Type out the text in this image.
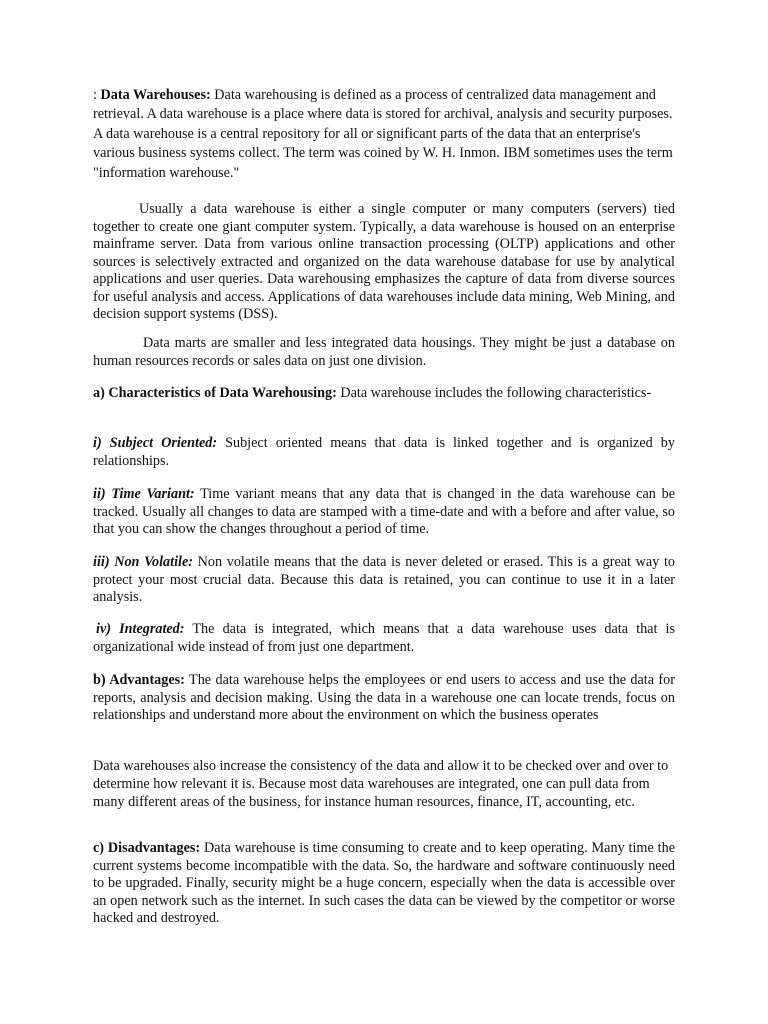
: Data Warehouses: Data warehousing is defined as a process of centralized data management and retrieval. A data warehouse is a place where data is stored for archival, analysis and security purposes. A data warehouse is a central repository for all or significant parts of the data that an enterprise's various business systems collect. The term was coined by W. H. Inmon. IBM sometimes uses the term "information warehouse."

Usually a data warehouse is either a single computer or many computers (servers) tied together to create one giant computer system. Typically, a data warehouse is housed on an enterprise mainframe server. Data from various online transaction processing (OLTP) applications and other sources is selectively extracted and organized on the data warehouse database for use by analytical applications and user queries. Data warehousing emphasizes the capture of data from diverse sources for useful analysis and access. Applications of data warehouses include data mining, Web Mining, and decision support systems (DSS).

Data marts are smaller and less integrated data housings. They might be just a database on human resources records or sales data on just one division.

a) Characteristics of Data Warehousing: Data warehouse includes the following characteristics-

i) Subject Oriented: Subject oriented means that data is linked together and is organized by relationships.

ii) Time Variant: Time variant means that any data that is changed in the data warehouse can be tracked. Usually all changes to data are stamped with a time-date and with a before and after value, so that you can show the changes throughout a period of time.

iii) Non Volatile: Non volatile means that the data is never deleted or erased. This is a great way to protect your most crucial data. Because this data is retained, you can continue to use it in a later analysis.

iv) Integrated: The data is integrated, which means that a data warehouse uses data that is organizational wide instead of from just one department.

b) Advantages: The data warehouse helps the employees or end users to access and use the data for reports, analysis and decision making. Using the data in a warehouse one can locate trends, focus on relationships and understand more about the environment on which the business operates

Data warehouses also increase the consistency of the data and allow it to be checked over and over to determine how relevant it is. Because most data warehouses are integrated, one can pull data from many different areas of the business, for instance human resources, finance, IT, accounting, etc.

c) Disadvantages: Data warehouse is time consuming to create and to keep operating. Many time the current systems become incompatible with the data. So, the hardware and software continuously need to be upgraded. Finally, security might be a huge concern, especially when the data is accessible over an open network such as the internet. In such cases the data can be viewed by the competitor or worse hacked and destroyed.
